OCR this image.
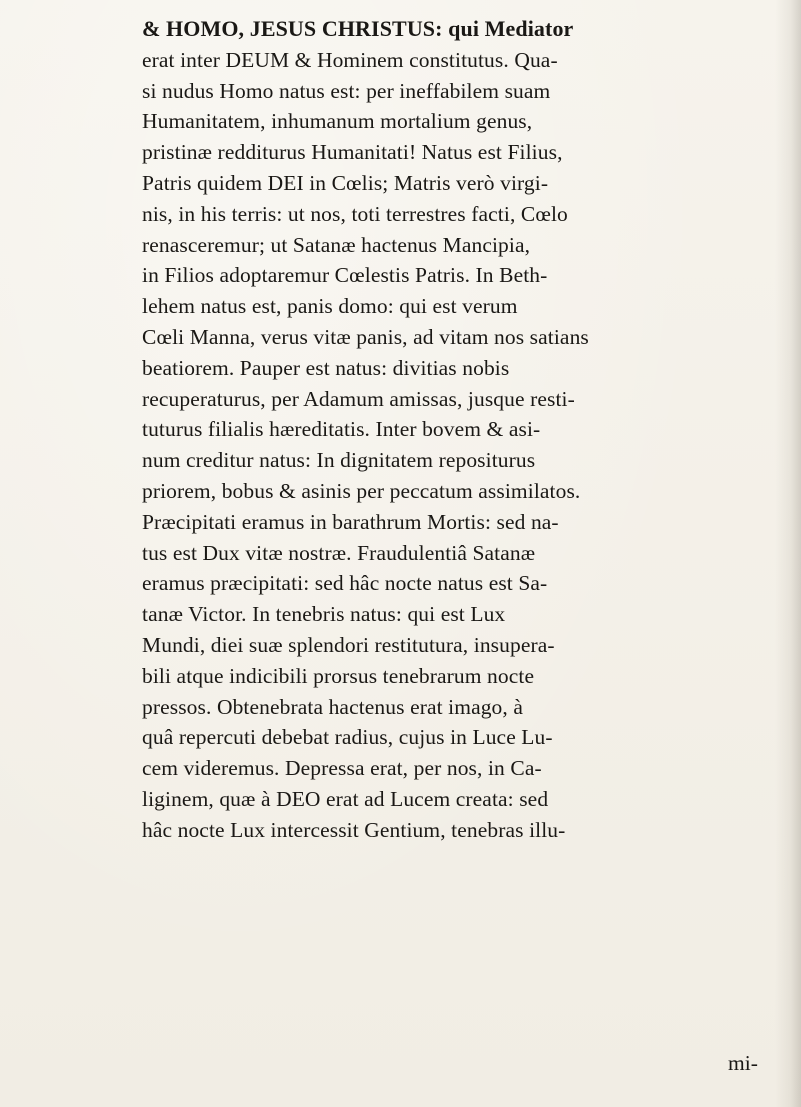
& HOMO, JESUS CHRISTUS: qui Mediator
erat inter DEUM & Hominem constitutus. Qua-
si nudus Homo natus est: per ineffabilem suam
Humanitatem, inhumanum mortalium genus,
pristinæ redditurus Humanitati! Natus est Filius,
Patris quidem DEI in Cœlis; Matris verò virgi-
nis, in his terris: ut nos, toti terrestres facti, Cœlo
renasceremur; ut Satanæ hactenus Mancipia,
in Filios adoptaremur Cœlestis Patris. In Beth-
lehem natus est, panis domo: qui est verum
Cœli Manna, verus vitæ panis, ad vitam nos satians
beatiorem. Pauper est natus: divitias nobis
recuperaturus, per Adamum amissas, jusque resti-
tuturus filialis hæreditatis. Inter bovem & asi-
num creditur natus: In dignitatem repositurus
priorem, bobus & asinis per peccatum assimilatos.
Præcipitati eramus in barathrum Mortis: sed na-
tus est Dux vitæ nostræ. Fraudulentiâ Satanæ
eramus præcipitati: sed hâc nocte natus est Sa-
tanæ Victor. In tenebris natus: qui est Lux
Mundi, diei suæ splendori restitutura, insupera-
bili atque indicibili prorsus tenebrarum nocte
pressos. Obtenebrata hactenus erat imago, à
quâ repercuti debebat radius, cujus in Luce Lu-
cem videremus. Depressa erat, per nos, in Ca-
liginem, quæ à DEO erat ad Lucem creata: sed
hâc nocte Lux intercessit Gentium, tenebras illu-
mi-
